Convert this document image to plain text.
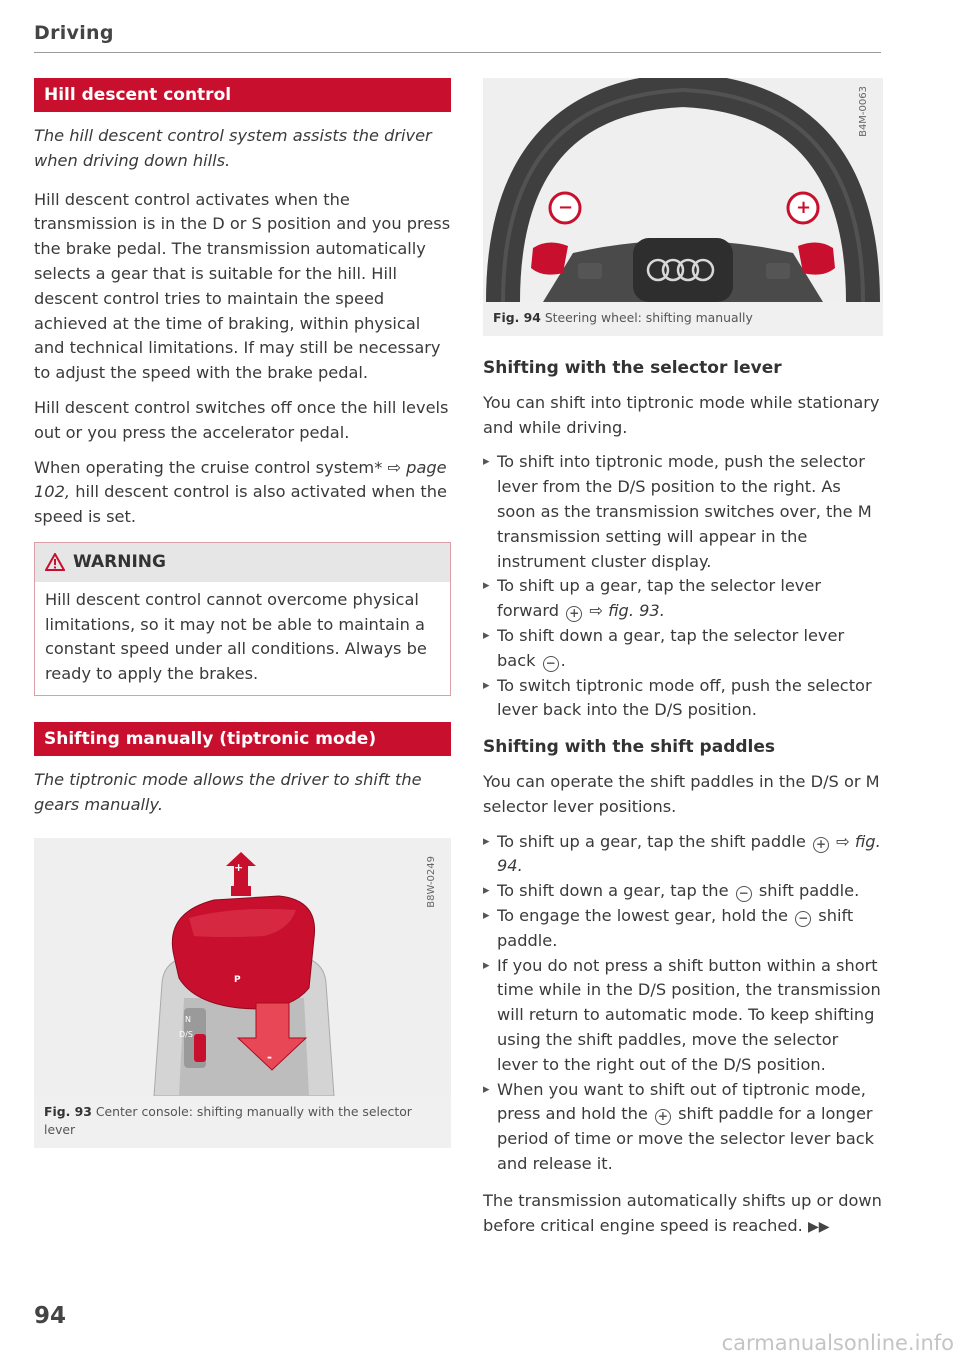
Driving
Hill descent control
The hill descent control system assists the driver when driving down hills.

Hill descent control activates when the transmission is in the D or S position and you press the brake pedal. The transmission automatically selects a gear that is suitable for the hill. Hill descent control tries to maintain the speed achieved at the time of braking, within physical and technical limitations. If may still be necessary to adjust the speed with the brake pedal.

Hill descent control switches off once the hill levels out or you press the accelerator pedal.

When operating the cruise control system* ⇨ page 102, hill descent control is also activated when the speed is set.

WARNING
Hill descent control cannot overcome physical limitations, so it may not be able to maintain a constant speed under all conditions. Always be ready to apply the brakes.
Shifting manually (tiptronic mode)
The tiptronic mode allows the driver to shift the gears manually.
+
P
N
D/S
-
B8W-0249
Fig. 93 Center console: shifting manually with the selector lever
−	+
B4M-0063
Fig. 94 Steering wheel: shifting manually
Shifting with the selector lever

You can shift into tiptronic mode while stationary and while driving.

▸ To shift into tiptronic mode, push the selector lever from the D/S position to the right. As soon as the transmission switches over, the M transmission setting will appear in the instrument cluster display.
▸ To shift up a gear, tap the selector lever forward + ⇨ fig. 93.
▸ To shift down a gear, tap the selector lever back − .
▸ To switch tiptronic mode off, push the selector lever back into the D/S position.
Shifting with the shift paddles

You can operate the shift paddles in the D/S or M selector lever positions.

▸ To shift up a gear, tap the shift paddle + ⇨ fig. 94.
▸ To shift down a gear, tap the − shift paddle.
▸ To engage the lowest gear, hold the − shift paddle.
▸ If you do not press a shift button within a short time while in the D/S position, the transmission will return to automatic mode. To keep shifting using the shift paddles, move the selector lever to the right out of the D/S position.
▸ When you want to shift out of tiptronic mode, press and hold the + shift paddle for a longer period of time or move the selector lever back and release it.

The transmission automatically shifts up or down before critical engine speed is reached. ▶▶

94
carmanualsonline.info
